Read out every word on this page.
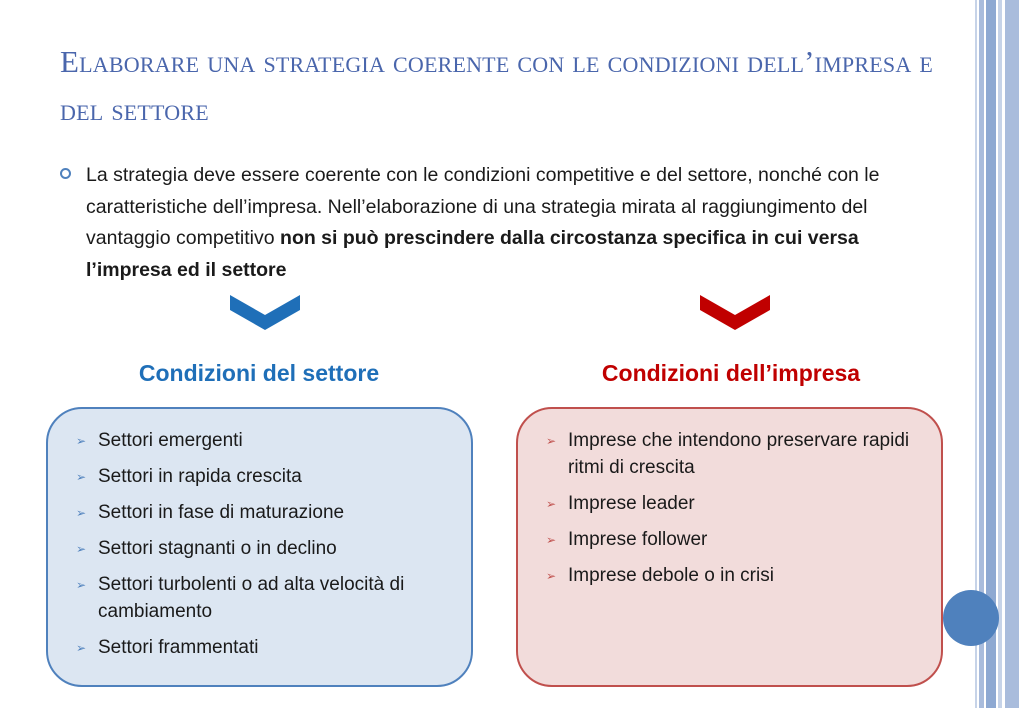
Elaborare una strategia coerente con le condizioni dell’impresa e del settore
La strategia deve essere coerente con le condizioni competitive e del settore, nonché con le caratteristiche dell’impresa. Nell’elaborazione di una strategia mirata al raggiungimento del vantaggio competitivo non si può prescindere dalla circostanza specifica in cui versa l’impresa ed il settore
Condizioni del settore	Condizioni dell’impresa
➢ Settori emergenti
➢ Settori in rapida crescita
➢ Settori in fase di maturazione
➢ Settori stagnanti o in declino
➢ Settori turbolenti o ad alta velocità di cambiamento
➢ Settori frammentati
➢ Imprese che intendono preservare rapidi ritmi di crescita
➢ Imprese leader
➢ Imprese follower
➢ Imprese debole o in crisi
